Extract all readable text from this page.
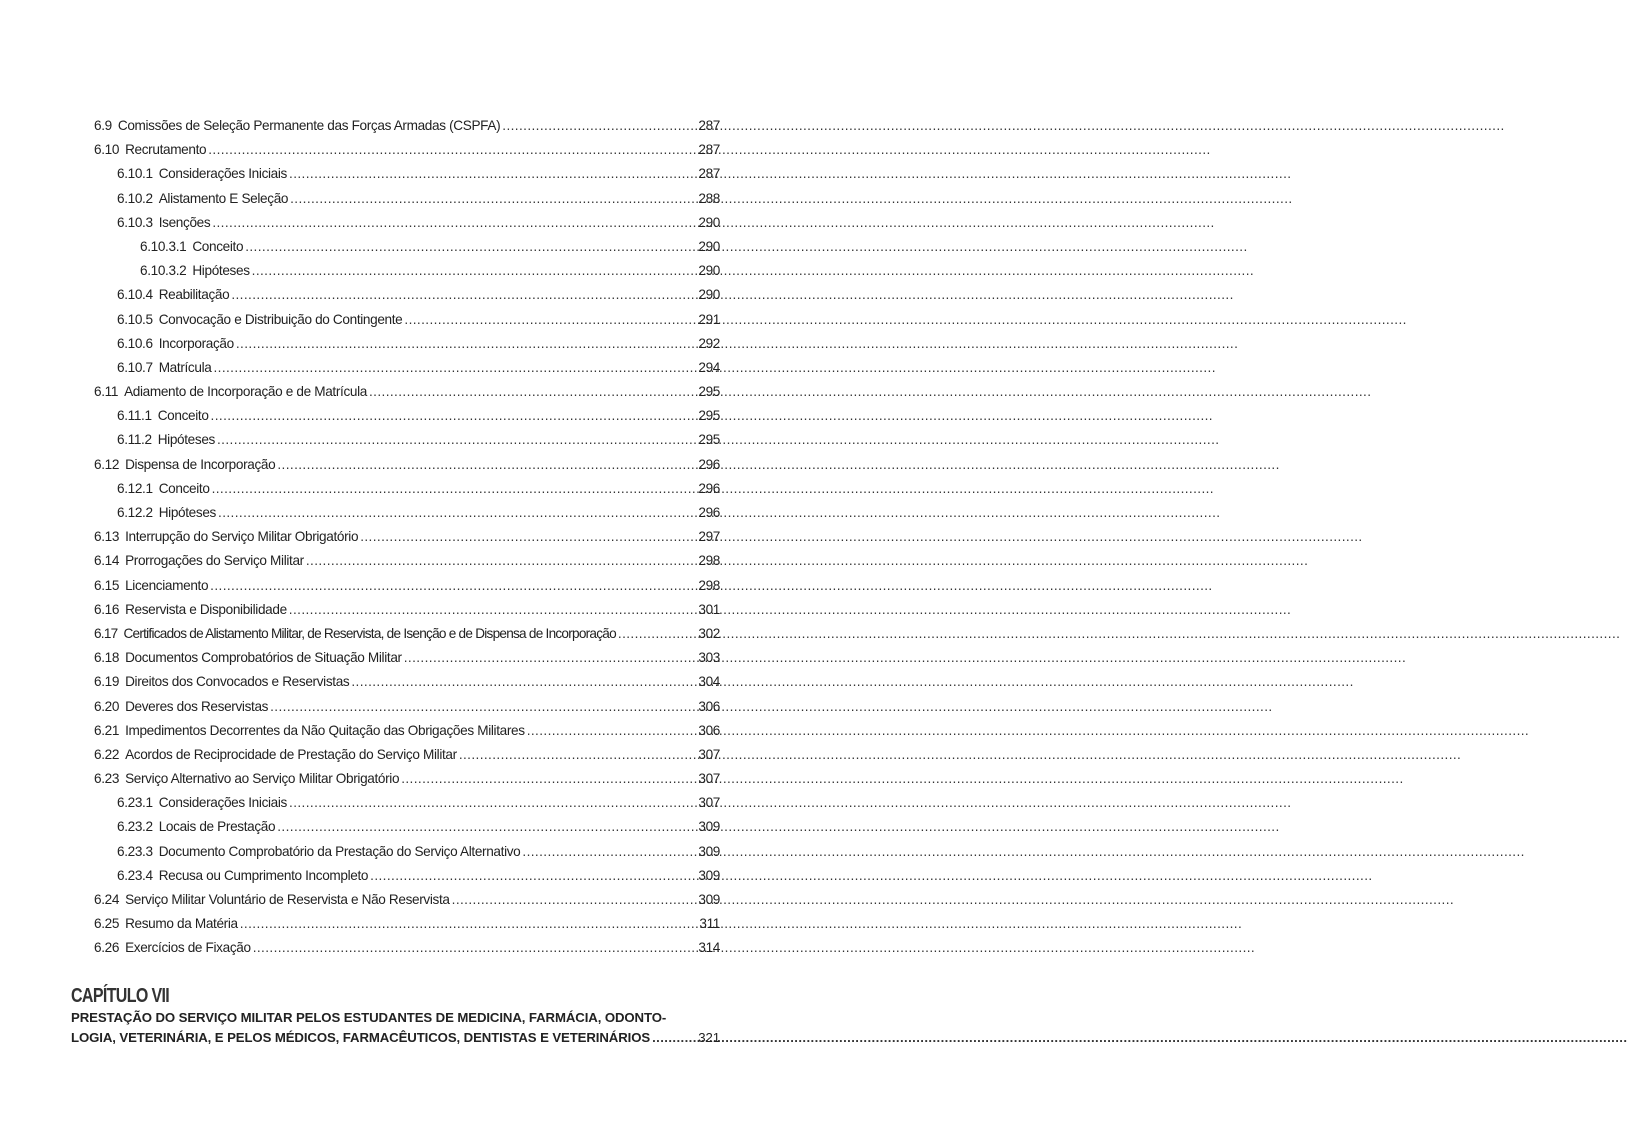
6.9 Comissões de Seleção Permanente das Forças Armadas (CSPFA) .....	287
6.10 Recrutamento .....	287
6.10.1 Considerações Iniciais .....	287
6.10.2 Alistamento E Seleção .....	288
6.10.3 Isenções .....	290
6.10.3.1 Conceito .....	290
6.10.3.2 Hipóteses .....	290
6.10.4 Reabilitação .....	290
6.10.5 Convocação e Distribuição do Contingente .....	291
6.10.6 Incorporação .....	292
6.10.7 Matrícula .....	294
6.11 Adiamento de Incorporação e de Matrícula .....	295
6.11.1 Conceito .....	295
6.11.2 Hipóteses .....	295
6.12 Dispensa de Incorporação .....	296
6.12.1 Conceito .....	296
6.12.2 Hipóteses .....	296
6.13 Interrupção do Serviço Militar Obrigatório .....	297
6.14 Prorrogações do Serviço Militar .....	298
6.15 Licenciamento .....	298
6.16 Reservista e Disponibilidade .....	301
6.17 Certificados de Alistamento Militar, de Reservista, de Isenção e de Dispensa de Incorporação .....	302
6.18 Documentos Comprobatórios de Situação Militar .....	303
6.19 Direitos dos Convocados e Reservistas .....	304
6.20 Deveres dos Reservistas .....	306
6.21 Impedimentos Decorrentes da Não Quitação das Obrigações Militares .....	306
6.22 Acordos de Reciprocidade de Prestação do Serviço Militar .....	307
6.23 Serviço Alternativo ao Serviço Militar Obrigatório .....	307
6.23.1 Considerações Iniciais .....	307
6.23.2 Locais de Prestação .....	309
6.23.3 Documento Comprobatório da Prestação do Serviço Alternativo .....	309
6.23.4 Recusa ou Cumprimento Incompleto .....	309
6.24 Serviço Militar Voluntário de Reservista e Não Reservista .....	309
6.25 Resumo da Matéria .....	311
6.26 Exercícios de Fixação .....	314
CAPÍTULO VII
PRESTAÇÃO DO SERVIÇO MILITAR PELOS ESTUDANTES DE MEDICINA, FARMÁCIA, ODONTO-
LOGIA, VETERINÁRIA, E PELOS MÉDICOS, FARMACÊUTICOS, DENTISTAS E VETERINÁRIOS .....	321
